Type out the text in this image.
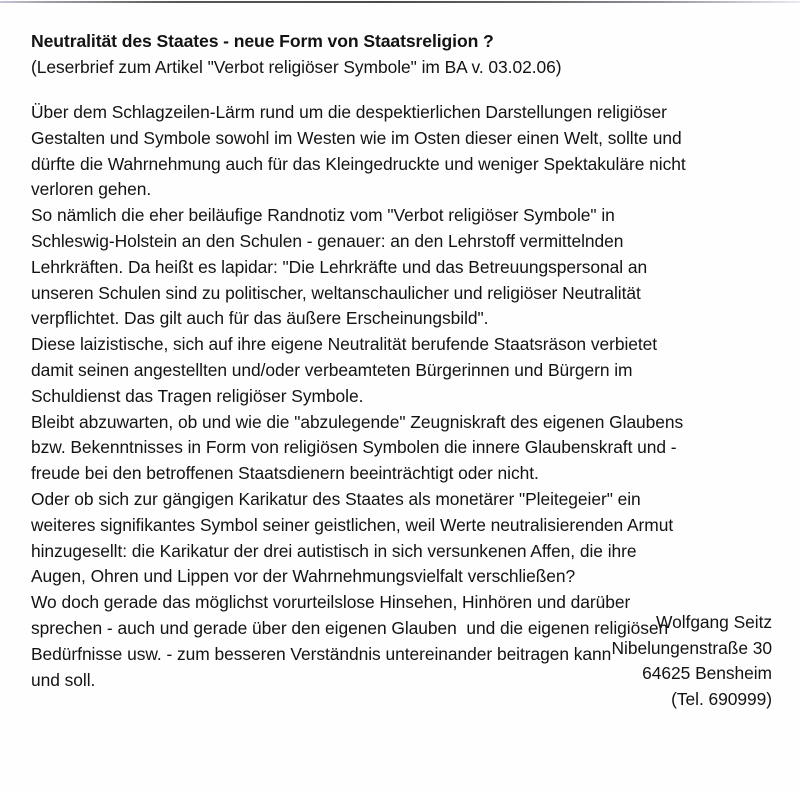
Neutralität des Staates - neue Form von Staatsreligion ?
(Leserbrief zum Artikel "Verbot religiöser Symbole" im BA v. 03.02.06)
Über dem Schlagzeilen-Lärm rund um die despektierlichen Darstellungen religiöser
Gestalten und Symbole sowohl im Westen wie im Osten dieser einen Welt, sollte und
dürfte die Wahrnehmung auch für das Kleingedruckte und weniger Spektakuläre nicht
verloren gehen.
So nämlich die eher beiläufige Randnotiz vom "Verbot religiöser Symbole" in
Schleswig-Holstein an den Schulen - genauer: an den Lehrstoff vermittelnden
Lehrkräften. Da heißt es lapidar: "Die Lehrkräfte und das Betreuungspersonal an
unseren Schulen sind zu politischer, weltanschaulicher und religiöser Neutralität
verpflichtet. Das gilt auch für das äußere Erscheinungsbild".
Diese laizistische, sich auf ihre eigene Neutralität berufende Staatsräson verbietet
damit seinen angestellten und/oder verbeamteten Bürgerinnen und Bürgern im
Schuldienst das Tragen religiöser Symbole.
Bleibt abzuwarten, ob und wie die "abzulegende" Zeugniskraft des eigenen Glaubens
bzw. Bekenntnisses in Form von religiösen Symbolen die innere Glaubenskraft und -
freude bei den betroffenen Staatsdienern beeinträchtigt oder nicht.
Oder ob sich zur gängigen Karikatur des Staates als monetärer "Pleitegeier" ein
weiteres signifikantes Symbol seiner geistlichen, weil Werte neutralisierenden Armut
hinzugesellt: die Karikatur der drei autistisch in sich versunkenen Affen, die ihre
Augen, Ohren und Lippen vor der Wahrnehmungsvielfalt verschließen?
Wo doch gerade das möglichst vorurteilslose Hinsehen, Hinhören und darüber
sprechen - auch und gerade über den eigenen Glauben  und die eigenen religiösen
Bedürfnisse usw. - zum besseren Verständnis untereinander beitragen kann
und soll.
Wolfgang Seitz
Nibelungenstraße 30
64625 Bensheim
(Tel. 690999)
